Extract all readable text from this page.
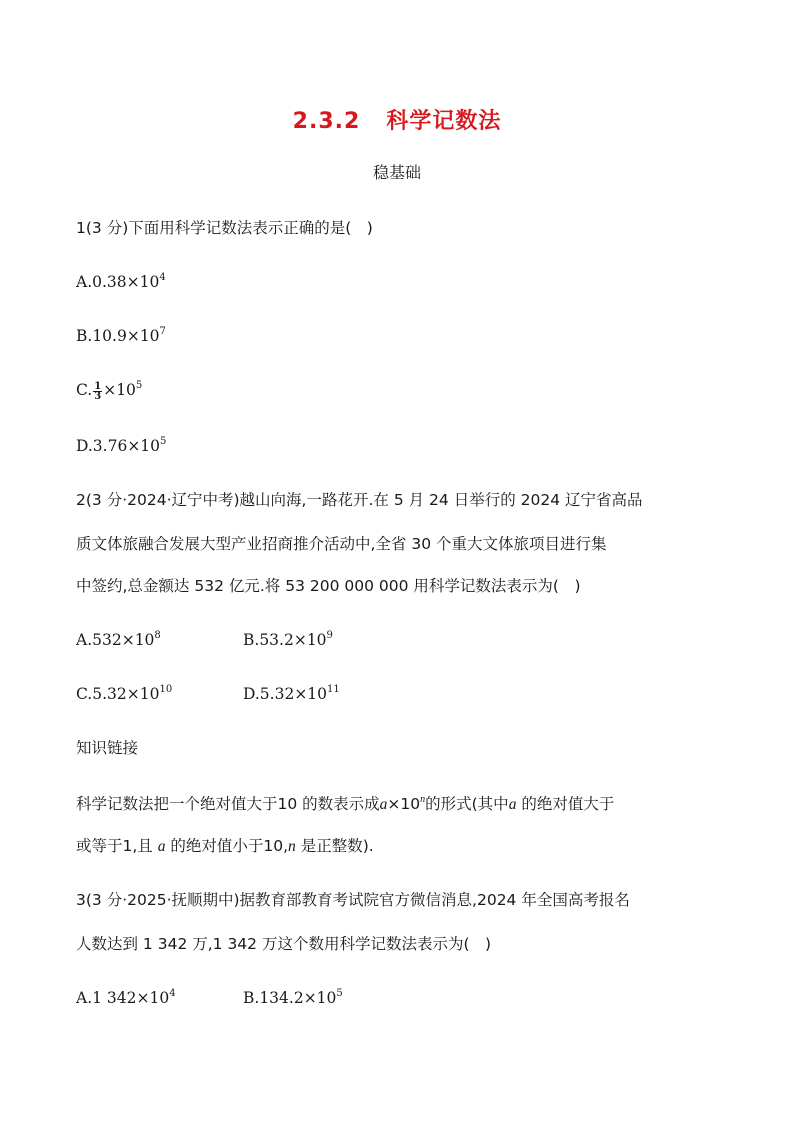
2.3.2 科学记数法
稳基础
1(3 分)下面用科学记数法表示正确的是(　)
$A.0.38\times 10^4$
$B.10.9\times 10^7$
C. $\frac{1}{3} \times 10^5$
$D.3.76\times 10^5$
2(3 分·2024·辽宁中考)越山向海,一路花开.在 5 月 24 日举行的 2024 辽宁省高品
质文体旅融合发展大型产业招商推介活动中,全省 30 个重大文体旅项目进行集
中签约,总金额达 532 亿元.将 53 200 000 000 用科学记数法表示为(　)
$A.532\times 10^8$	$B.53.2\times 10^9$
$C.5.32\times 10^{10}$	$D.5.32\times 10^{11}$
知识链接
科学记数法把一个绝对值大于10 的数表示成$a\times 10^n$的形式(其中a 的绝对值大于
或等于1,且 a 的绝对值小于10,n 是正整数).
3(3 分·2025·抚顺期中)据教育部教育考试院官方微信消息,2024 年全国高考报名
人数达到 1 342 万,1 342 万这个数用科学记数法表示为(　)
A.1 $342\times 10^4$	$B.134.2\times 10^5$
